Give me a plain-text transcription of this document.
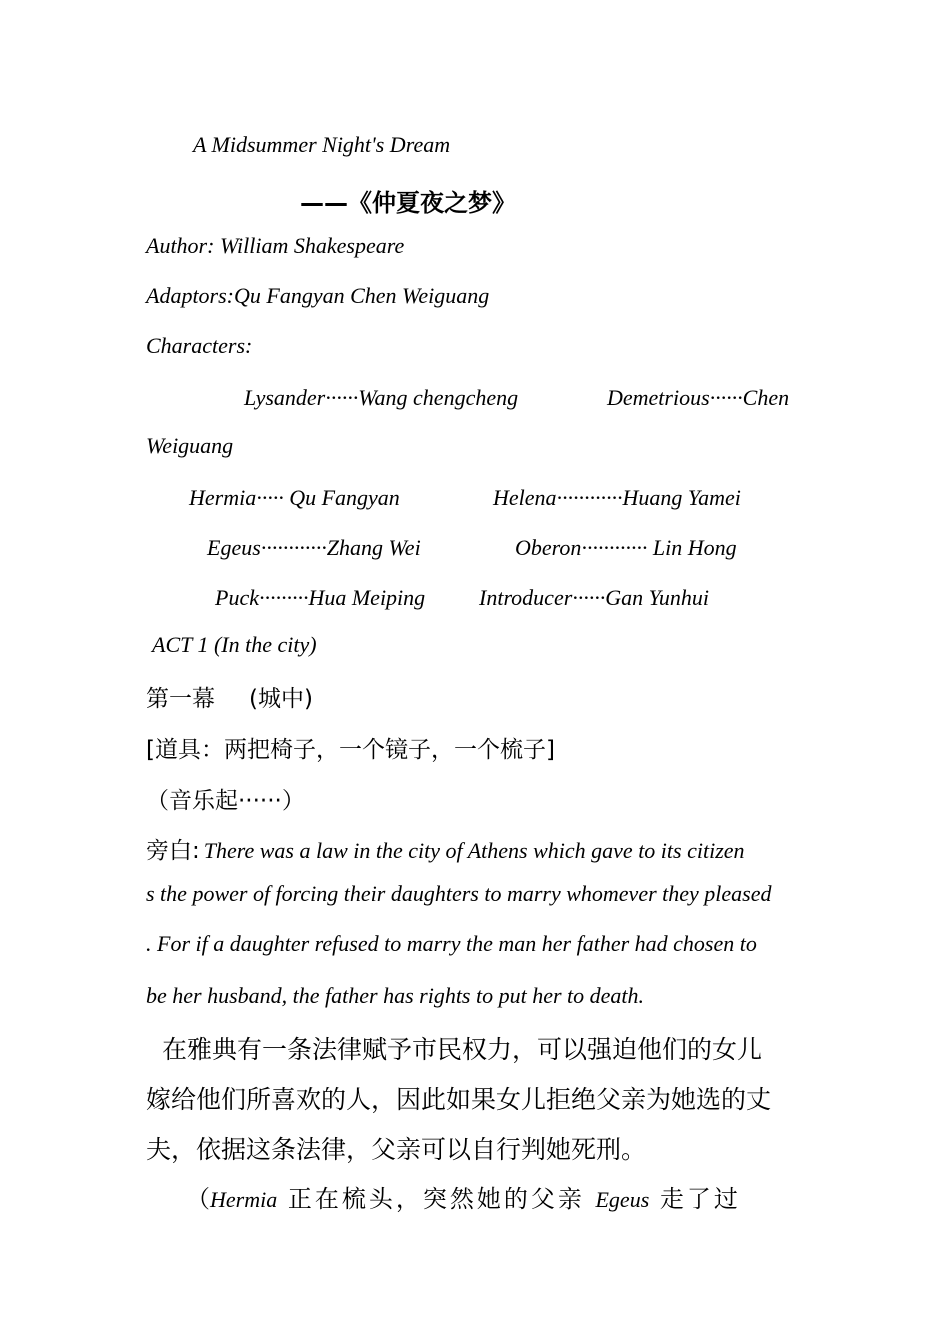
A Midsummer Night's Dream
——《仲夏夜之梦》
Author: William Shakespeare
Adaptors:Qu Fangyan Chen Weiguang
Characters:
Lysander······Wang chengcheng	Demetrious······Chen
Weiguang
Hermia····· Qu Fangyan	Helena············Huang Yamei
Egeus············Zhang Wei	Oberon············ Lin Hong
Puck·········Hua Meiping Introducer······Gan Yunhui
ACT 1 (In the city)
第一幕 (城中)
[道具：两把椅子，一个镜子，一个梳子]
（音乐起······）
旁白: There was a law in the city of Athens which gave to its citizen
s the power of forcing their daughters to marry whomever they pleased
. For if a daughter refused to marry the man her father had chosen to
be her husband, the father has rights to put her to death.
在雅典有一条法律赋予市民权力，可以强迫他们的女儿
嫁给他们所喜欢的人，因此如果女儿拒绝父亲为她选的丈
夫，依据这条法律，父亲可以自行判她死刑。
（Hermia 正在梳头，突然她的父亲 Egeus 走了过
